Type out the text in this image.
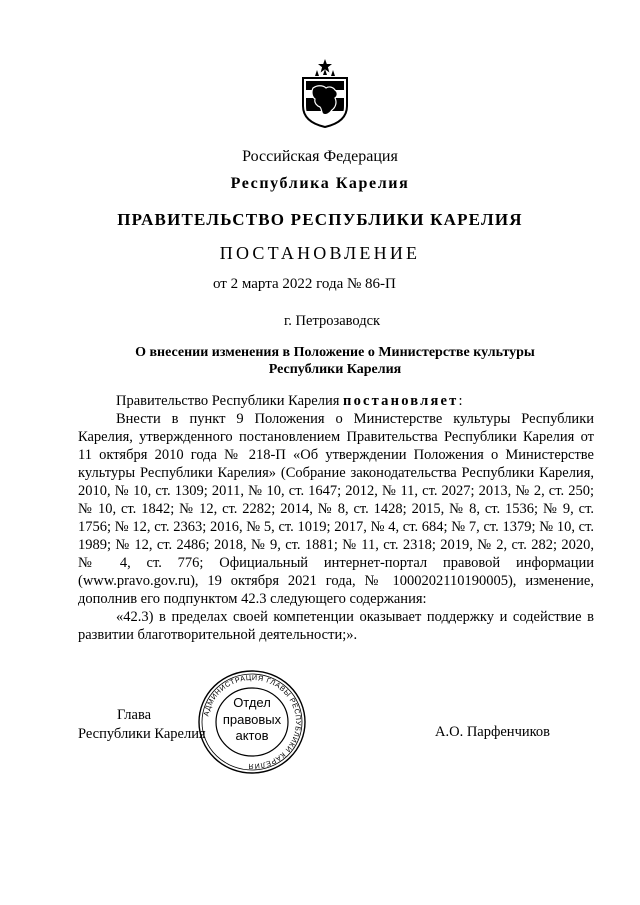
Российская Федерация
Республика Карелия
ПРАВИТЕЛЬСТВО РЕСПУБЛИКИ КАРЕЛИЯ
ПОСТАНОВЛЕНИЕ
от 2 марта 2022 года № 86-П
г. Петрозаводск
О внесении изменения в Положение о Министерстве культуры Республики Карелия

Правительство Республики Карелия постановляет:

Внести в пункт 9 Положения о Министерстве культуры Республики Карелия, утвержденного постановлением Правительства Республики Карелия от 11 октября 2010 года № 218-П «Об утверждении Положения о Министерстве культуры Республики Карелия» (Собрание законодательства Республики Карелия, 2010, № 10, ст. 1309; 2011, № 10, ст. 1647; 2012, № 11, ст. 2027; 2013, № 2, ст. 250; № 10, ст. 1842; № 12, ст. 2282; 2014, № 8, ст. 1428; 2015, № 8, ст. 1536; № 9, ст. 1756; № 12, ст. 2363; 2016, № 5, ст. 1019; 2017, № 4, ст. 684; № 7, ст. 1379; № 10, ст. 1989; № 12, ст. 2486; 2018, № 9, ст. 1881; № 11, ст. 2318; 2019, № 2, ст. 282; 2020, № 4, ст. 776; Официальный интернет-портал правовой информации (www.pravo.gov.ru), 19 октября 2021 года, № 1000202110190005), изменение, дополнив его подпунктом 42.3 следующего содержания:

«42.3) в пределах своей компетенции оказывает поддержку и содействие в развитии благотворительной деятельности;».

Глава
Республики Карелия	А.О. Парфенчиков
АДМИНИСТРАЦИЯ ГЛАВЫ РЕСПУБЛИКИ КАРЕЛИЯ
Отдел
правовых
актов
